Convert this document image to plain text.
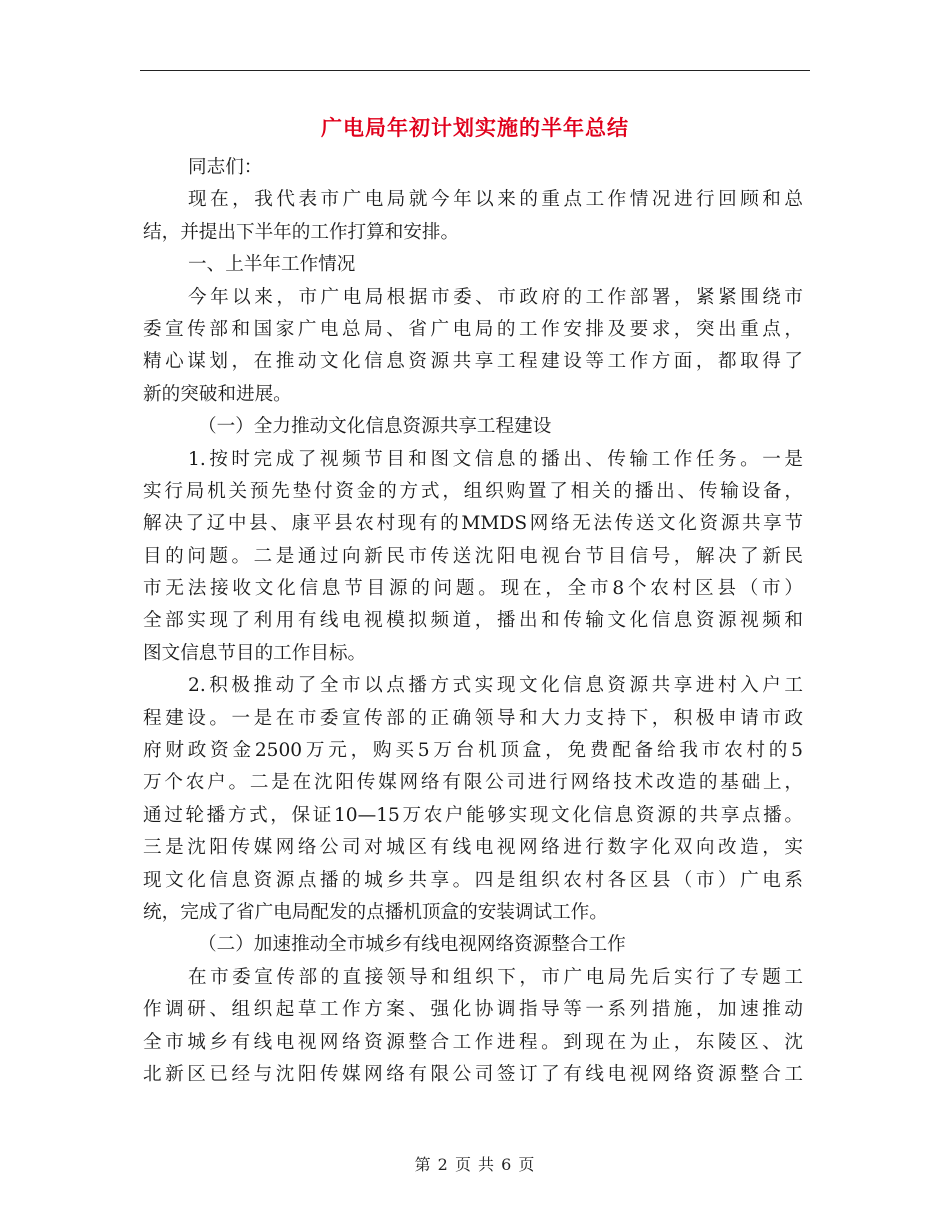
广电局年初计划实施的半年总结
同志们：
现在，我代表市广电局就今年以来的重点工作情况进行回顾和总
结，并提出下半年的工作打算和安排。
一、上半年工作情况
今年以来，市广电局根据市委、市政府的工作部署，紧紧围绕市
委宣传部和国家广电总局、省广电局的工作安排及要求，突出重点，
精心谋划，在推动文化信息资源共享工程建设等工作方面，都取得了
新的突破和进展。
（一）全力推动文化信息资源共享工程建设
1.按时完成了视频节目和图文信息的播出、传输工作任务。一是
实行局机关预先垫付资金的方式，组织购置了相关的播出、传输设备，
解决了辽中县、康平县农村现有的MMDS网络无法传送文化资源共享节
目的问题。二是通过向新民市传送沈阳电视台节目信号，解决了新民
市无法接收文化信息节目源的问题。现在，全市8个农村区县（市）
全部实现了利用有线电视模拟频道，播出和传输文化信息资源视频和
图文信息节目的工作目标。
2.积极推动了全市以点播方式实现文化信息资源共享进村入户工
程建设。一是在市委宣传部的正确领导和大力支持下，积极申请市政
府财政资金2500万元，购买5万台机顶盒，免费配备给我市农村的5
万个农户。二是在沈阳传媒网络有限公司进行网络技术改造的基础上，
通过轮播方式，保证10—15万农户能够实现文化信息资源的共享点播。
三是沈阳传媒网络公司对城区有线电视网络进行数字化双向改造，实
现文化信息资源点播的城乡共享。四是组织农村各区县（市）广电系
统，完成了省广电局配发的点播机顶盒的安装调试工作。
（二）加速推动全市城乡有线电视网络资源整合工作
在市委宣传部的直接领导和组织下，市广电局先后实行了专题工
作调研、组织起草工作方案、强化协调指导等一系列措施，加速推动
全市城乡有线电视网络资源整合工作进程。到现在为止，东陵区、沈
北新区已经与沈阳传媒网络有限公司签订了有线电视网络资源整合工
第 2 页 共 6 页
